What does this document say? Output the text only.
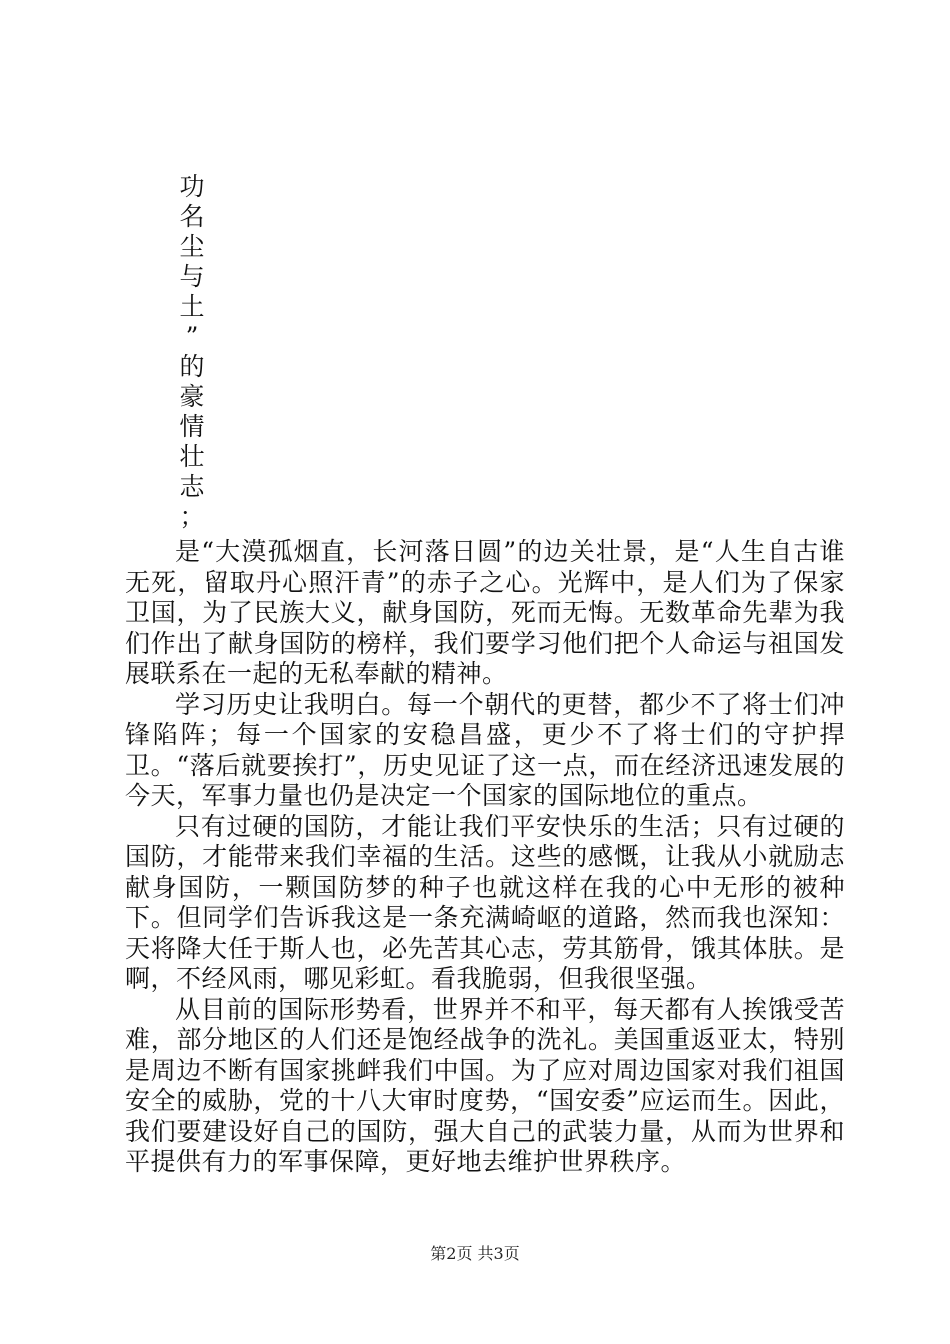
功
名
尘
与
土
”
的
豪
情
壮
志
；

是“大漠孤烟直，长河落日圆”的边关壮景，是“人生自古谁无死，留取丹心照汗青”的赤子之心。光辉中，是人们为了保家卫国，为了民族大义，献身国防，死而无悔。无数革命先辈为我们作出了献身国防的榜样，我们要学习他们把个人命运与祖国发展联系在一起的无私奉献的精神。

学习历史让我明白。每一个朝代的更替，都少不了将士们冲锋陷阵；每一个国家的安稳昌盛，更少不了将士们的守护捍卫。“落后就要挨打”，历史见证了这一点，而在经济迅速发展的今天，军事力量也仍是决定一个国家的国际地位的重点。

只有过硬的国防，才能让我们平安快乐的生活；只有过硬的国防，才能带来我们幸福的生活。这些的感慨，让我从小就励志献身国防，一颗国防梦的种子也就这样在我的心中无形的被种下。但同学们告诉我这是一条充满崎岖的道路，然而我也深知：天将降大任于斯人也，必先苦其心志，劳其筋骨，饿其体肤。是啊，不经风雨，哪见彩虹。看我脆弱，但我很坚强。

从目前的国际形势看，世界并不和平，每天都有人挨饿受苦难，部分地区的人们还是饱经战争的洗礼。美国重返亚太，特别是周边不断有国家挑衅我们中国。为了应对周边国家对我们祖国安全的威胁，党的十八大审时度势，“国安委”应运而生。因此，我们要建设好自己的国防，强大自己的武装力量，从而为世界和平提供有力的军事保障，更好地去维护世界秩序。

第2页 共3页
